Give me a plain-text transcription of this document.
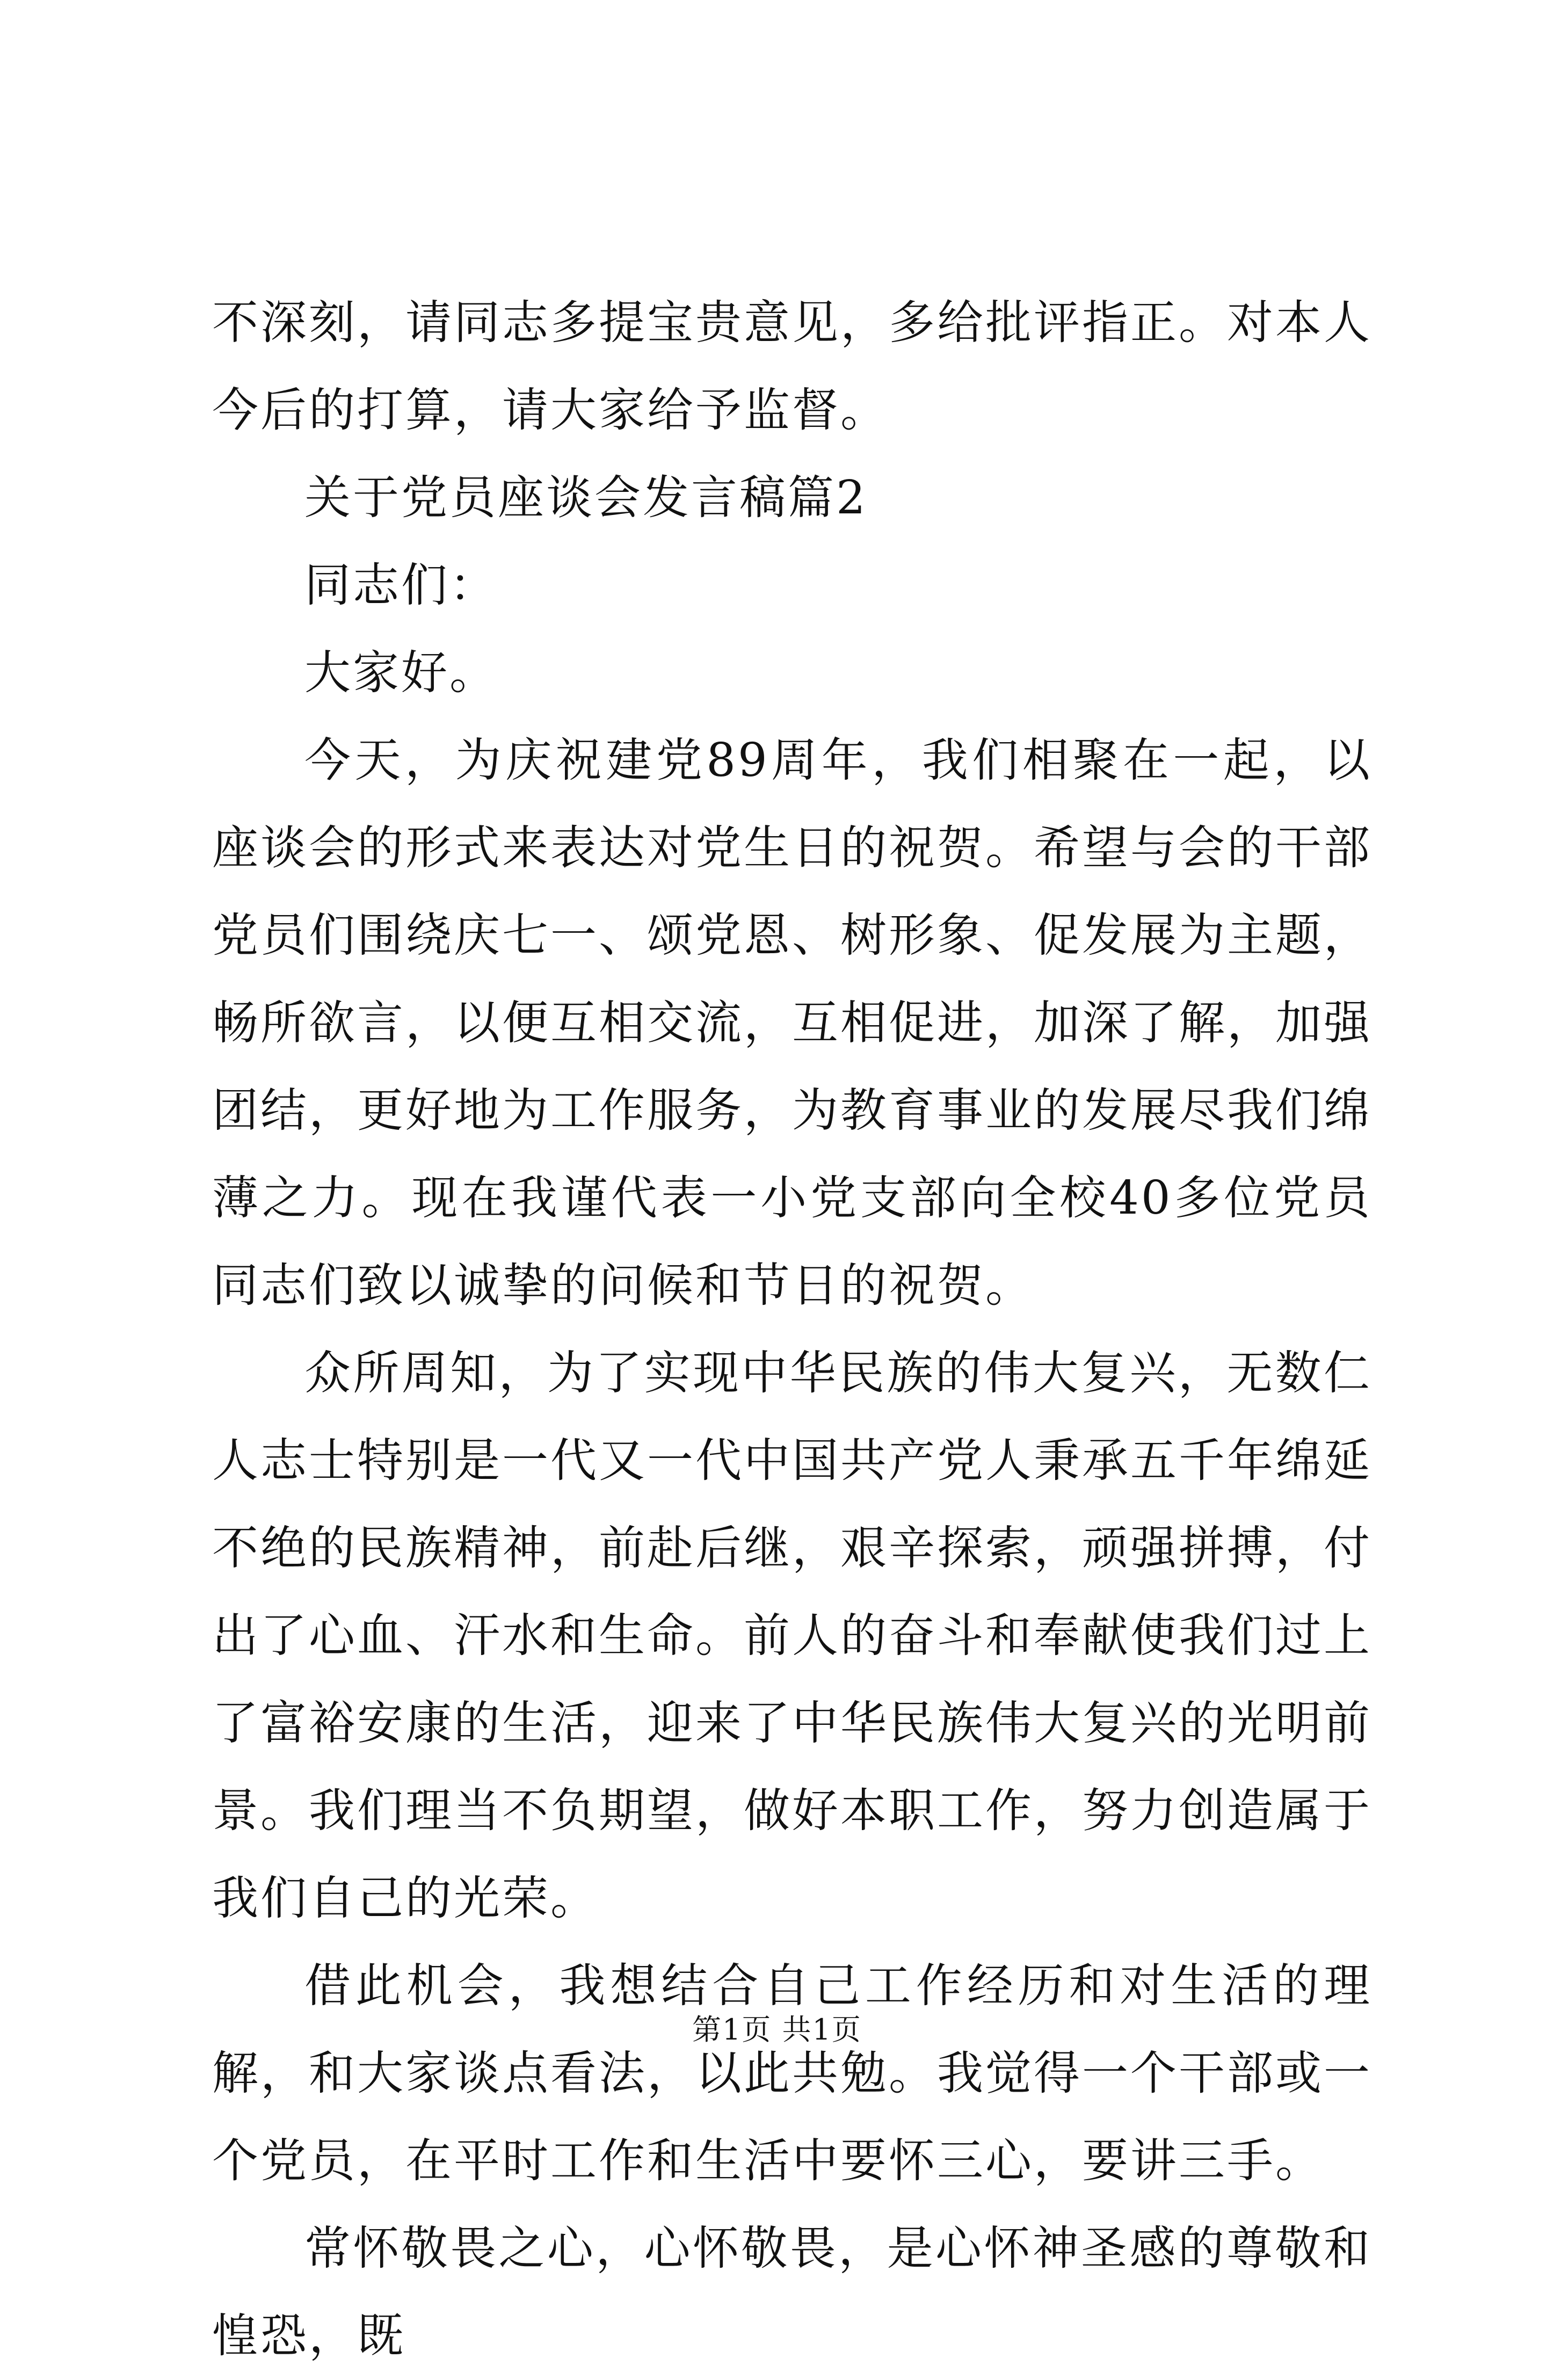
不深刻，请同志多提宝贵意见，多给批评指正。对本人今后的打算，请大家给予监督。

关于党员座谈会发言稿篇2

同志们：

大家好。

今天，为庆祝建党89周年，我们相聚在一起，以座谈会的形式来表达对党生日的祝贺。希望与会的干部党员们围绕庆七一、颂党恩、树形象、促发展为主题，畅所欲言，以便互相交流，互相促进，加深了解，加强团结，更好地为工作服务，为教育事业的发展尽我们绵薄之力。现在我谨代表一小党支部向全校40多位党员同志们致以诚挚的问候和节日的祝贺。

众所周知，为了实现中华民族的伟大复兴，无数仁人志士特别是一代又一代中国共产党人秉承五千年绵延不绝的民族精神，前赴后继，艰辛探索，顽强拼搏，付出了心血、汗水和生命。前人的奋斗和奉献使我们过上了富裕安康的生活，迎来了中华民族伟大复兴的光明前景。我们理当不负期望，做好本职工作，努力创造属于我们自己的光荣。

借此机会，我想结合自己工作经历和对生活的理解，和大家谈点看法，以此共勉。我觉得一个干部或一个党员，在平时工作和生活中要怀三心，要讲三手。

常怀敬畏之心，心怀敬畏，是心怀神圣感的尊敬和惶恐，既

第1页 共1页
